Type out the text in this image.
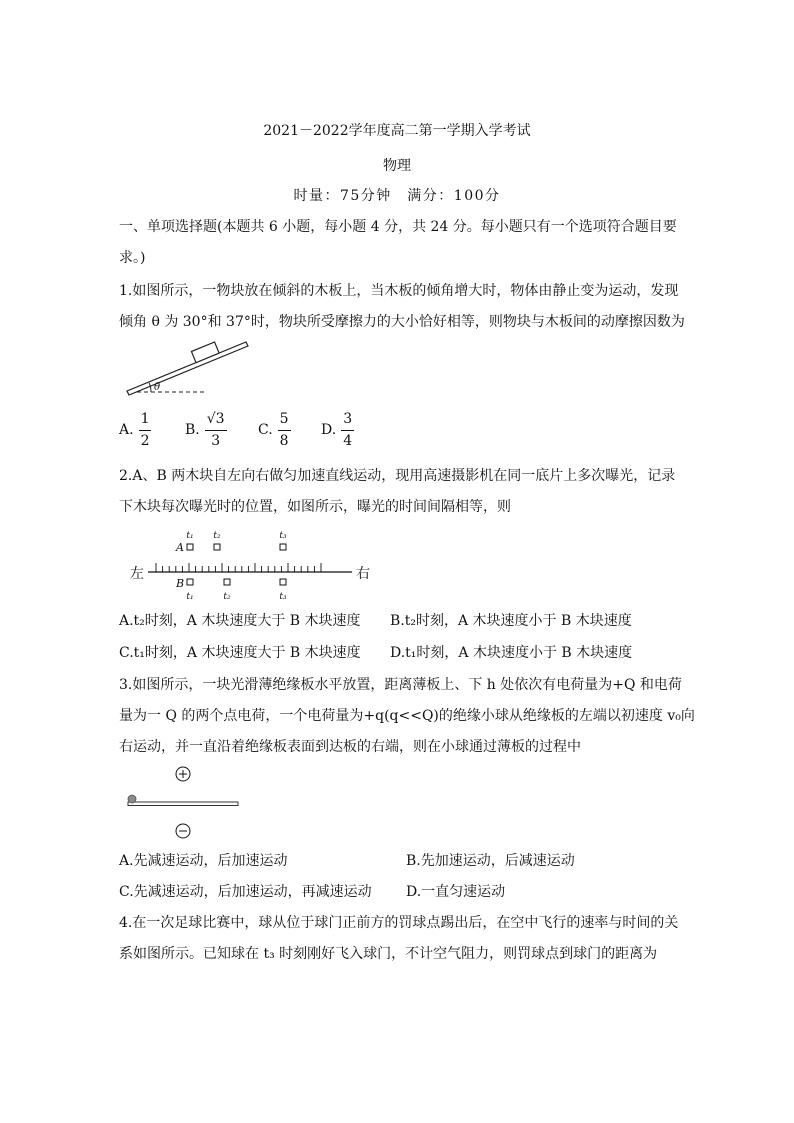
2021－2022学年度高二第一学期入学考试
物理
时量：75分钟　满分：100分
一、单项选择题(本题共 6 小题，每小题 4 分，共 24 分。每小题只有一个选项符合题目要
求。)
1.如图所示，一物块放在倾斜的木板上，当木板的倾角增大时，物体由静止变为运动，发现
倾角 θ 为 30°和 37°时，物块所受摩擦力的大小恰好相等，则物块与木板间的动摩擦因数为
θ
A. $\frac{1}{2} B$. $\frac{√3}{3} C$. $\frac{5}{8} D$. $\frac{3}{4}$
2.A、B 两木块自左向右做匀加速直线运动，现用高速摄影机在同一底片上多次曝光，记录
下木块每次曝光时的位置，如图所示，曝光的时间间隔相等，则
左	右
A
t₁ t₂	t₃
B
t₁	t₂	t₃
A.t₂时刻，A 木块速度大于 B 木块速度 B.t₂时刻，A 木块速度小于 B 木块速度
C.t₁时刻，A 木块速度大于 B 木块速度 D.t₁时刻，A 木块速度小于 B 木块速度
3.如图所示，一块光滑薄绝缘板水平放置，距离薄板上、下 h 处依次有电荷量为+Q 和电荷
量为一 Q 的两个点电荷，一个电荷量为+q(q<<Q)的绝缘小球从绝缘板的左端以初速度 v₀向
右运动，并一直沿着绝缘板表面到达板的右端，则在小球通过薄板的过程中
A.先减速运动，后加速运动	B.先加速运动，后减速运动
C.先减速运动，后加速运动，再减速运动 D.一直匀速运动
4.在一次足球比赛中，球从位于球门正前方的罚球点踢出后，在空中飞行的速率与时间的关
系如图所示。已知球在 t₃ 时刻刚好飞入球门，不计空气阻力，则罚球点到球门的距离为
